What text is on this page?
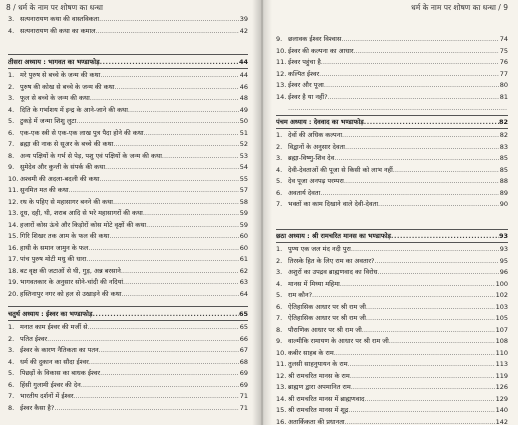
8 / धर्म के नाम पर शोषण का धन्धा
3. सत्यनारायण कथा की वास्तविकता .....	39
4. सत्यनारायण की कथा का कमाल .....	42
तीसरा अध्याय : भागवत का भण्डाफोड़ .....	44
1. मरे पुरुष से बच्चे के जन्म की कथा .....	44
2. पुरुष की कोख से बच्चे के जन्म की कथा .....	46
3. फूल से बच्चे के जन्म की कथा .....	48
4. दिति के गर्भाशय में इन्द्र के आने-जाने की कथा .....	49
5. टुकड़े में जन्मा शिशु लुटा .....	50
6. एक-एक स्त्री से एक-एक लाख पुत्र पैदा होने की कथा .....	51
7. ब्रह्मा की नाक से सूअर के बच्चे की कथा .....	52
8. अन्य पक्षियों के गर्भ से पेड़, पशु एवं पक्षियों के जन्म की कथा .....	53
9. सुमेदेव और कुन्ती के संपर्क की कथा .....	54
10. अश्वमी की अदला-बदली की कथा .....	55
11. सुनमित मत की कथा .....	57
12. रथ के पहिए से महासागर बनने की कथा .....	58
13. दूध, दही, घी, शराब आदि से भरे महासागरों की कथा .....	59
14. हजारों कोस ऊंचे और किड़ोरों कोस मोटे वृक्षों की कथा .....	59
15. गिरि शिखर तक आम के फल की कथा .....	60
16. हाथी के समान जामुन के फल .....	60
17. पांच पुरुष मोटी मधु की धारा .....	61
18. बट वृक्ष की जटाओं से घी, गुड़, अन्न बरसाने .....	62
19. भागवतकार के अनुसार सोने-चांदी की नदियां .....	63
20. हस्तिनापुर नगर को हल से उखाड़ने की कथा .....	64
चतुर्थ अध्याय : ईश्वर का भण्डाफोड़ .....	65
1. मनात काम ईश्वर की मर्जी से .....	65
2. पतित ईश्वर .....	66
3. ईश्वर के कारण नैतिकता का पतन .....	67
4. धर्म की दुकान का सौदा ईश्वर .....	68
5. पिछड़ों के विकास का बाधक ईश्वर .....	69
6. हिंसी गुलामी ईश्वर की देन .....	69
7. भारतीय दर्शनों में ईश्वर .....	71
8. ईश्वर कैसा है? .....	71
धर्म के नाम पर शोषण का धन्धा / 9
9. छलावक ईश्वर विश्वास .....	74
10. ईश्वर की कल्पना का आधार .....	75
11. ईश्वर पहुंचा है .....	76
12. कल्पित ईश्वर .....	77
13. ईश्वर और पूजा .....	80
14. ईश्वर है या नहीं? .....	81
.....
पंचम अध्याय : देववाद का भण्डाफोड़ .....	82
1. देवों की अधिक कल्पना .....	82
2. विद्वानों के अनुसार देवता .....	83
3. ब्रह्मा-विष्णु-शिव देव .....	85
4. देवी-देवताओं की पूजा से किसी को लाभ नहीं .....	85
5. देव पूजा अनपढ़ परम्परा .....	88
6. अवतार्य देवता .....	89
7. भक्तों का काम दिखाने वाले देवी-देवता .....	90
छठा अध्याय : श्री रामचरित मानस का भण्डाफोड़ .....	93
1. पुण्य एक जल मंद नदी पुरा .....	93
2. तिरस्‍के हित के लिए राम का अवतार? .....	95
3. अशुरों का उपद्रव ब्राह्मणवाद का विरोध .....	96
4. मानस में मिथ्‍या महिमा .....	100
5. राम कौन? .....	102
6. ऐतिहासिक आधार पर श्री राम जी .....	103
7. ऐतिहासिक आधार पर श्री राम जी .....	105
8. पौराणिक आधार पर श्री राम जी .....	107
9. वाल्मीकि रामायण के आधार पर श्री राम जी .....	108
10. कबीर साहब के राम .....	110
11. तुलसी साहनुयायन के राम .....	113
12. श्री रामचरित मानस के राम .....	119
13. ब्राह्मण द्वारा अपमानित राम .....	126
14. श्री रामचरित मानस में ब्राह्मणवाद .....	129
15. श्री रामचरित मानस में शूद्र .....	140
16. अतार्किकता की प्रधानता .....	142
